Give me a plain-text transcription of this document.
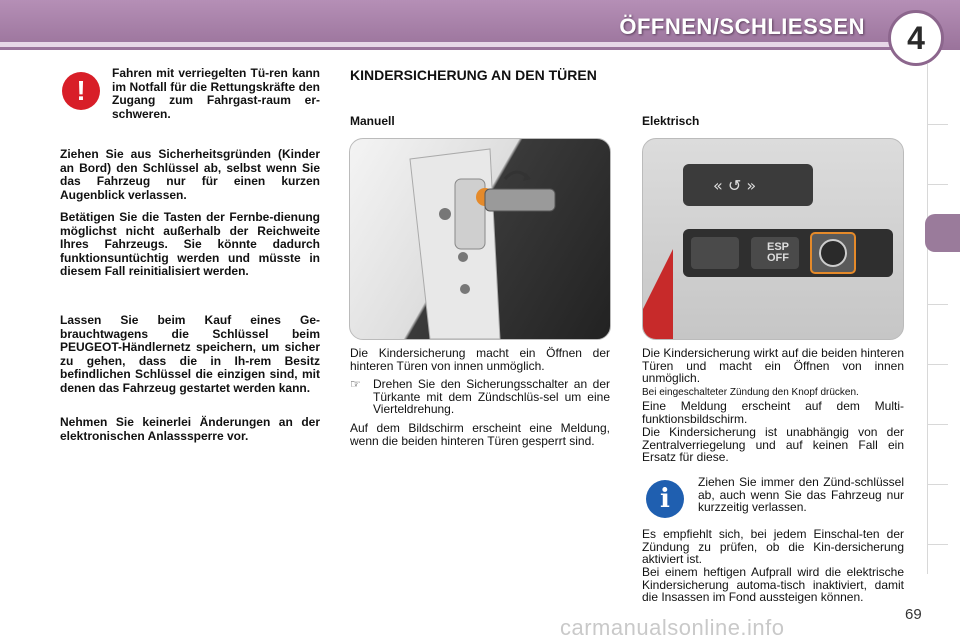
ÖFFNEN/SCHLIESSEN	4
!
Fahren mit verriegelten Tü-ren kann im Notfall für die Rettungskräfte den Zugang zum Fahrgast-raum er-schweren.
Ziehen Sie aus Sicherheitsgründen (Kinder an Bord) den Schlüssel ab, selbst wenn Sie das Fahrzeug nur für einen kurzen Augenblick verlassen.
Betätigen Sie die Tasten der Fernbe-dienung möglichst nicht außerhalb der Reichweite Ihres Fahrzeugs. Sie könnte dadurch funktionsuntüchtig werden und müsste in diesem Fall reinitialisiert werden.
Lassen Sie beim Kauf eines Ge-brauchtwagens die Schlüssel beim PEUGEOT-Händlernetz speichern, um sicher zu gehen, dass die in Ih-rem Besitz befindlichen Schlüssel die einzigen sind, mit denen das Fahrzeug gestartet werden kann.
Nehmen Sie keinerlei Änderungen an der elektronischen Anlasssperre vor.
KINDERSICHERUNG AN DEN TÜREN
Manuell
Die Kindersicherung macht ein Öffnen der hinteren Türen von innen unmöglich.
☞	Drehen Sie den Sicherungsschalter an der Türkante mit dem Zündschlüs-sel um eine Vierteldrehung.
Auf dem Bildschirm erscheint eine Meldung, wenn die beiden hinteren Türen gesperrt sind.
Elektrisch
« ↺ »
ESP
OFF
Die Kindersicherung wirkt auf die beiden hinteren Türen und macht ein Öffnen von innen unmöglich.
Bei eingeschalteter Zündung den Knopf drücken.
Eine Meldung erscheint auf dem Multi-funktionsbildschirm.
Die Kindersicherung ist unabhängig von der Zentralverriegelung und auf keinen Fall ein Ersatz für diese.
i
Ziehen Sie immer den Zünd-schlüssel ab, auch wenn Sie das Fahrzeug nur kurzzeitig verlassen.
Es empfiehlt sich, bei jedem Einschal-ten der Zündung zu prüfen, ob die Kin-dersicherung aktiviert ist.
Bei einem heftigen Aufprall wird die elektrische Kindersicherung automa-tisch inaktiviert, damit die Insassen im Fond aussteigen können.
69
carmanualsonline.info
